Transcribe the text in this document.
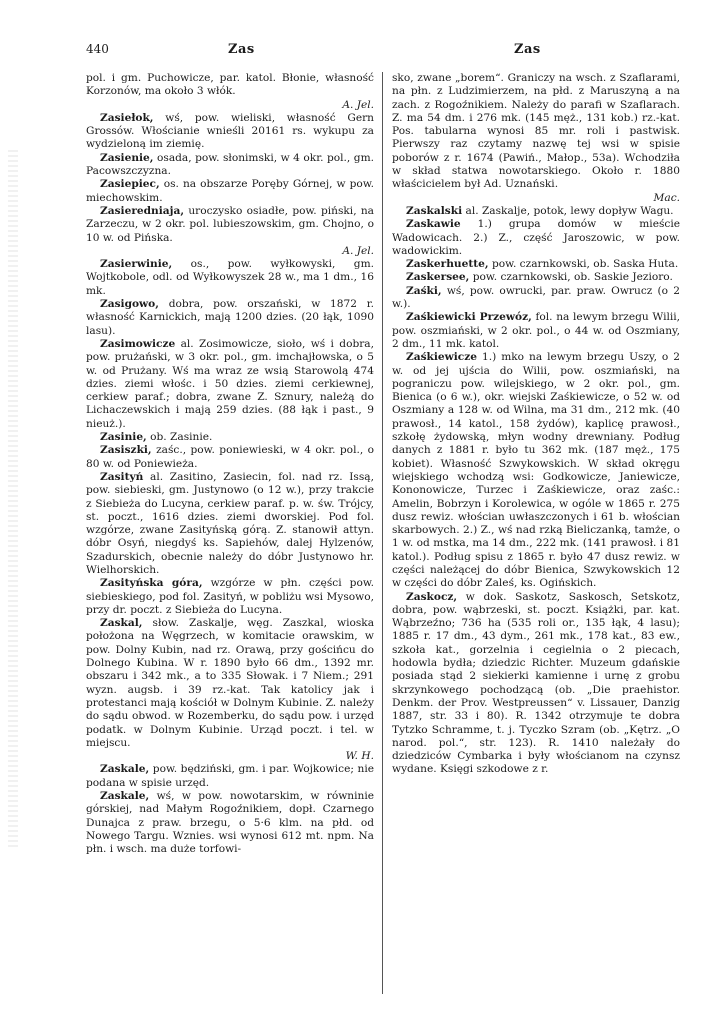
440	Zas	Zas

pol. i gm. Puchowicze, par. katol. Błonie, własność Korzonów, ma około 3 włók.
A. Jel.

Zasiełok, wś, pow. wieliski, własność Gern Grossów. Włościanie wnieśli 20161 rs. wykupu za wydzieloną im ziemię.

Zasienie, osada, pow. słonimski, w 4 okr. pol., gm. Pacowszczyzna.

Zasiepiec, os. na obszarze Poręby Górnej, w pow. miechowskim.

Zasieredniaja, uroczysko osiadłe, pow. piński, na Zarzeczu, w 2 okr. pol. lubieszowskim, gm. Chojno, o 10 w. od Pińska.
A. Jel.

Zasierwinie, os., pow. wyłkowyski, gm. Wojtkobole, odl. od Wyłkowyszek 28 w., ma 1 dm., 16 mk.

Zasigowo, dobra, pow. orszański, w 1872 r. własność Karnickich, mają 1200 dzies. (20 łąk, 1090 lasu).

Zasimowicze al. Zosimowicze, sioło, wś i dobra, pow. prużański, w 3 okr. pol., gm. imchajłowska, o 5 w. od Prużany. Wś ma wraz ze wsią Starowolą 474 dzies. ziemi włośc. i 50 dzies. ziemi cerkiewnej, cerkiew paraf.; dobra, zwane Z. Sznury, należą do Lichaczewskich i mają 259 dzies. (88 łąk i past., 9 nieuż.).

Zasinie, ob. Zasinie.

Zasiszki, zaśc., pow. poniewieski, w 4 okr. pol., o 80 w. od Poniewieża.

Zasityń al. Zasitino, Zasiecin, fol. nad rz. Issą, pow. siebieski, gm. Justynowo (o 12 w.), przy trakcie z Siebieża do Lucyna, cerkiew paraf. p. w. św. Trójcy, st. poczt., 1616 dzies. ziemi dworskiej. Pod fol. wzgórze, zwane Zasityńską górą. Z. stanowił attyn. dóbr Osyń, niegdyś ks. Sapiehów, dalej Hylzenów, Szadurskich, obecnie należy do dóbr Justynowo hr. Wielhorskich.

Zasityńska góra, wzgórze w płn. części pow. siebieskiego, pod fol. Zasityń, w pobliżu wsi Mysowo, przy dr. poczt. z Siebieża do Lucyna.

Zaskal, słow. Zaskalje, węg. Zaszkal, wioska położona na Węgrzech, w komitacie orawskim, w pow. Dolny Kubin, nad rz. Orawą, przy gościńcu do Dolnego Kubina. W r. 1890 było 66 dm., 1392 mr. obszaru i 342 mk., a to 335 Słowak. i 7 Niem.; 291 wyzn. augsb. i 39 rz.-kat. Tak katolicy jak i protestanci mają kościół w Dolnym Kubinie. Z. należy do sądu obwod. w Rozemberku, do sądu pow. i urzęd podatk. w Dolnym Kubinie. Urząd poczt. i tel. w miejscu.
W. H.

Zaskale, pow. będziński, gm. i par. Wojkowice; nie podana w spisie urzęd.

Zaskale, wś, w pow. nowotarskim, w równinie górskiej, nad Małym Rogoźnikiem, dopł. Czarnego Dunajca z praw. brzegu, o 5·6 klm. na płd. od Nowego Targu. Wznies. wsi wynosi 612 mt. npm. Na płn. i wsch. ma duże torfowi-

sko, zwane „borem“. Graniczy na wsch. z Szaflarami, na płn. z Ludzimierzem, na płd. z Maruszyną a na zach. z Rogoźnikiem. Należy do parafi w Szaflarach. Z. ma 54 dm. i 276 mk. (145 męż., 131 kob.) rz.-kat. Pos. tabularna wynosi 85 mr. roli i pastwisk. Pierwszy raz czytamy nazwę tej wsi w spisie poborów z r. 1674 (Pawiń., Małop., 53a). Wchodziła w skład statwa nowotarskiego. Około r. 1880 właścicielem był Ad. Uznański.
Mac.

Zaskalski al. Zaskalje, potok, lewy dopływ Wagu.

Zaskawie 1.) grupa domów w mieście Wadowicach. 2.) Z., część Jaroszowic, w pow. wadowickim.

Zaskerhuette, pow. czarnkowski, ob. Saska Huta.

Zaskersee, pow. czarnkowski, ob. Saskie Jezioro.

Zaśki, wś, pow. owrucki, par. praw. Owrucz (o 2 w.).

Zaśkiewicki Przewóz, fol. na lewym brzegu Wilii, pow. oszmiański, w 2 okr. pol., o 44 w. od Oszmiany, 2 dm., 11 mk. katol.

Zaśkiewicze 1.) mko na lewym brzegu Uszy, o 2 w. od jej ujścia do Wilii, pow. oszmiański, na pograniczu pow. wilejskiego, w 2 okr. pol., gm. Bienica (o 6 w.), okr. wiejski Zaśkiewicze, o 52 w. od Oszmiany a 128 w. od Wilna, ma 31 dm., 212 mk. (40 prawosł., 14 katol., 158 żydów), kaplicę prawosł., szkołę żydowską, młyn wodny drewniany. Podług danych z 1881 r. było tu 362 mk. (187 męż., 175 kobiet). Własność Szwykowskich. W skład okręgu wiejskiego wchodzą wsi: Godkowicze, Janiewicze, Kononowicze, Turzec i Zaśkiewicze, oraz zaśc.: Amelin, Bobrzyn i Korolewica, w ogóle w 1865 r. 275 dusz rewiz. włościan uwłaszczonych i 61 b. włościan skarbowych. 2.) Z., wś nad rzką Bieliczanką, tamże, o 1 w. od mstka, ma 14 dm., 222 mk. (141 prawosł. i 81 katol.). Podług spisu z 1865 r. było 47 dusz rewiz. w części należącej do dóbr Bienica, Szwykowskich 12 w części do dóbr Zaleś, ks. Ogińskich.

Zaskocz, w dok. Saskotz, Saskosch, Setskotz, dobra, pow. wąbrzeski, st. poczt. Książki, par. kat. Wąbrzeźno; 736 ha (535 roli or., 135 łąk, 4 lasu); 1885 r. 17 dm., 43 dym., 261 mk., 178 kat., 83 ew., szkoła kat., gorzelnia i cegielnia o 2 piecach, hodowla bydła; dziedzic Richter. Muzeum gdańskie posiada stąd 2 siekierki kamienne i urnę z grobu skrzynkowego pochodzącą (ob. „Die praehistor. Denkm. der Prov. Westpreussen“ v. Lissauer, Danzig 1887, str. 33 i 80). R. 1342 otrzymuje te dobra Tytzko Schramme, t. j. Tyczko Szram (ob. „Kętrz. „O narod. pol.“, str. 123). R. 1410 należały do dziedziców Cymbarka i były włościanom na czynsz wydane. Księgi szkodowe z r.
